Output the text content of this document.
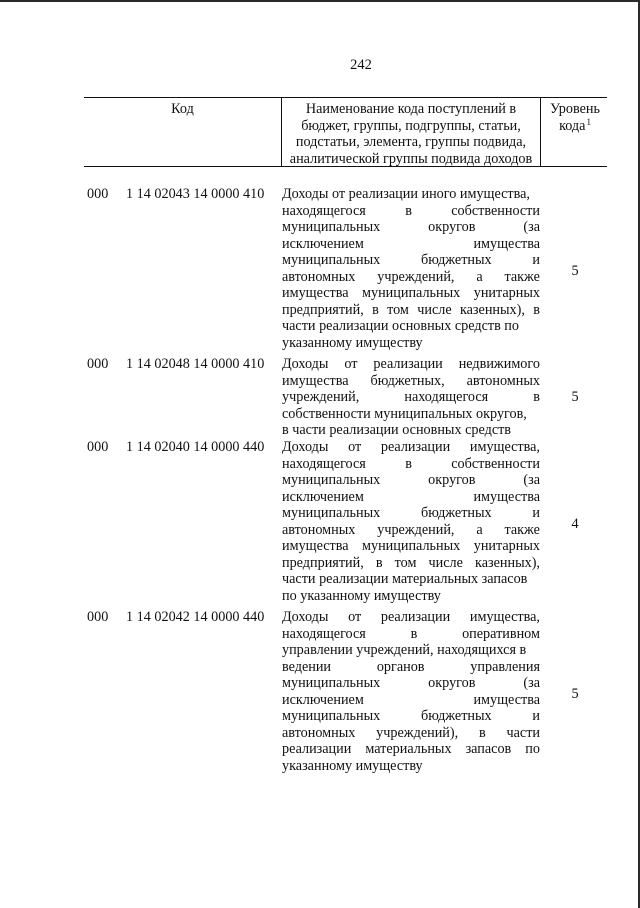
242
Код	Наименование кода поступлений в
бюджет, группы, подгруппы, статьи,
подстатьи, элемента, группы подвида,
аналитической группы подвида доходов
Уровень
кода$^1$
000 1 14 02043 14 0000 410 Доходы от реализации иного имущества,
находящегося	в	собственности
муниципальных	округов	(за
исключением	имущества
муниципальных	бюджетных	и
автономных учреждений, а также
имущества муниципальных унитарных
предприятий, в том числе казенных), в
части реализации основных средств по
указанному имуществу
5
000 1 14 02048 14 0000 410 Доходы от реализации недвижимого
имущества бюджетных, автономных
учреждений,	находящегося	в
собственности муниципальных округов,
в части реализации основных средств
5
000 1 14 02040 14 0000 440 Доходы от реализации имущества,
находящегося	в	собственности
муниципальных	округов	(за
исключением	имущества
муниципальных	бюджетных	и
автономных учреждений, а также
имущества муниципальных унитарных
предприятий, в том числе казенных),
части реализации материальных запасов
по указанному имуществу
4
000 1 14 02042 14 0000 440 Доходы от реализации имущества,
находящегося	в	оперативном
управлении учреждений, находящихся в
ведении	органов	управления
муниципальных	округов	(за
исключением	имущества
муниципальных	бюджетных	и
автономных учреждений), в части
реализации материальных запасов по
указанному имуществу
5
